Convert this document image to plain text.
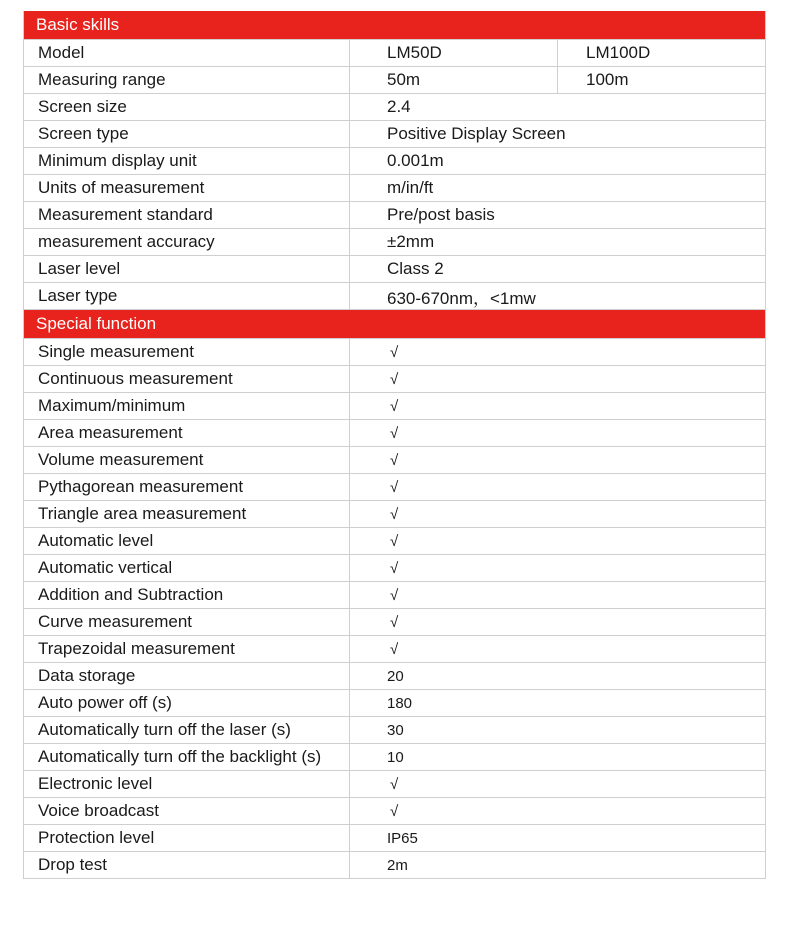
Basic skills
Model	LM50D	LM100D
Measuring range	50m	100m
Screen size	2.4	
Screen type	Positive Display Screen	
Minimum display unit	0.001m	
Units of measurement	m/in/ft	
Measurement standard	Pre/post basis	
measurement accuracy	±2mm	
Laser level	Class 2	
Laser type	630-670nm，<1mw	
Special function
Single measurement	√
Continuous measurement	√
Maximum/minimum	√
Area measurement	√
Volume measurement	√
Pythagorean measurement	√
Triangle area measurement	√
Automatic level	√
Automatic vertical	√
Addition and Subtraction	√
Curve measurement	√
Trapezoidal measurement	√
Data storage	20
Auto power off (s)	180
Automatically turn off the laser (s)	30
Automatically turn off the backlight (s)	10
Electronic level	√
Voice broadcast	√
Protection level	IP65
Drop test	2m
